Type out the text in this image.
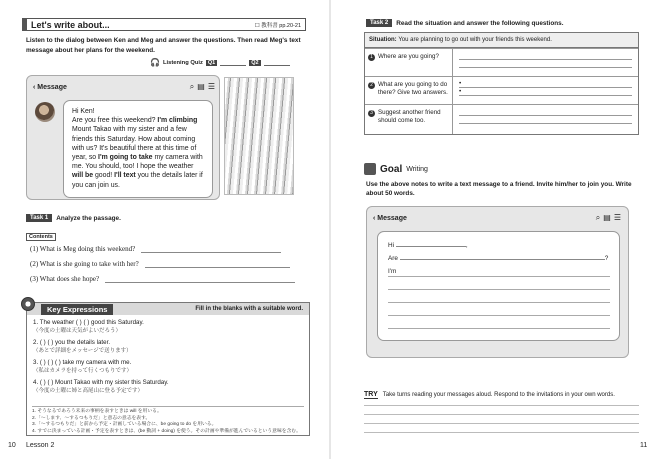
Let's write about...	☐ 教科書 pp.20-21
Listen to the dialog between Ken and Meg and answer the questions. Then read Meg's text message about her plans for the weekend.
🎧 Listening Quiz Q1	Q2
‹ Message	⌕ ▤ ☰
Hi Ken!
Are you free this weekend? I'm climbing Mount Takao with my sister and a few friends this Saturday. How about coming with us? It's beautiful there at this time of year, so I'm going to take my camera with me. You should, too! I hope the weather will be good! I'll text you the details later if you can join us.
Task 1	Analyze the passage.
Contents
(1) What is Meg doing this weekend?
(2) What is she going to take with her?
(3) What does she hope?
Key Expressions	Fill in the blanks with a suitable word.
1. The weather ( ) ( ) good this Saturday.
（今度の土曜は天気がよいだろう）
2. ( ) ( ) you the details later.
（あとで詳細をメッセージで送ります）
3. ( ) ( ) ( ) take my camera with me.
（私はカメラを持って行くつもりです）
4. ( ) ( ) Mount Takao with my sister this Saturday.
（今度の土曜に姉と高尾山に登る予定です）
1. そうなるであろう未来の事柄を表すときは will を用いる。
2.「～します、～するつもりだ」と意志の意志を表す。
3.「～するつもりだ」と前から予定・計画している場合に、be going to do を用いる。
4. すでに決まっている計画・予定を表すときは、(be 動詞 + doing) を使う。その計画や準備が進んでいるという意味を含む。
10 Lesson 2
Task 2	Read the situation and answer the following questions.
Situation:
You are planning to go out with your friends this weekend.
1 Where are you going?
2 What are you going to do there? Give two answers.
•
•
3 Suggest another friend should come too.
Goal Writing
Use the above notes to write a text message to a friend. Invite him/her to join you. Write about 50 words.
‹ Message	⌕ ▤ ☰
Hi	,
Are	?
I'm
TRY Take turns reading your messages aloud. Respond to the invitations in your own words.
11
